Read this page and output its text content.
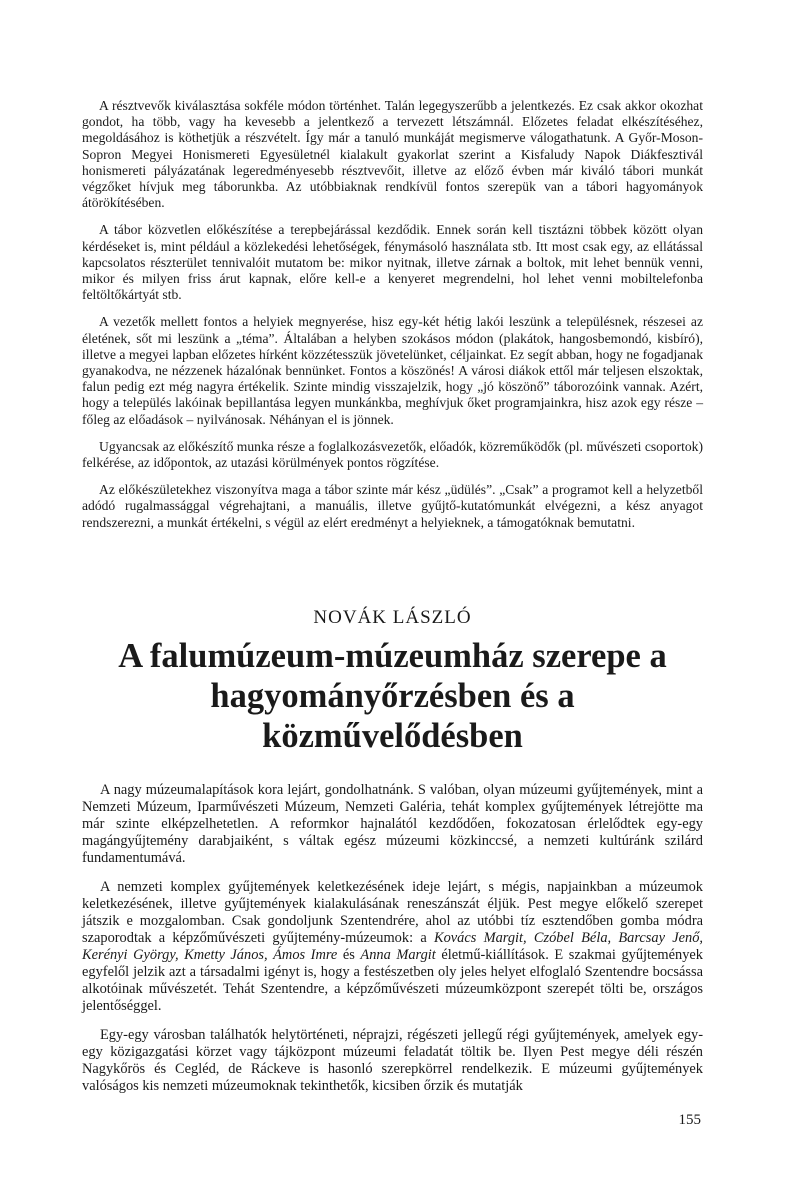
A résztvevők kiválasztása sokféle módon történhet. Talán legegyszerűbb a jelentkezés. Ez csak akkor okozhat gondot, ha több, vagy ha kevesebb a jelentkező a tervezett létszámnál. Előzetes feladat elkészítéséhez, megoldásához is köthetjük a részvételt. Így már a tanuló munkáját megismerve válogathatunk. A Győr-Moson-Sopron Megyei Honismereti Egyesületnél kialakult gyakorlat szerint a Kisfaludy Napok Diákfesztivál honismereti pályázatának legeredményesebb résztvevőit, illetve az előző évben már kiváló tábori munkát végzőket hívjuk meg táborunkba. Az utóbbiaknak rendkívül fontos szerepük van a tábori hagyományok átörökítésében.

A tábor közvetlen előkészítése a terepbejárással kezdődik. Ennek során kell tisztázni többek között olyan kérdéseket is, mint például a közlekedési lehetőségek, fénymásoló használata stb. Itt most csak egy, az ellátással kapcsolatos részterület tennivalóit mutatom be: mikor nyitnak, illetve zárnak a boltok, mit lehet bennük venni, mikor és milyen friss árut kapnak, előre kell-e a kenyeret megrendelni, hol lehet venni mobiltelefonba feltöltőkártyát stb.

A vezetők mellett fontos a helyiek megnyerése, hisz egy-két hétig lakói leszünk a településnek, részesei az életének, sőt mi leszünk a „téma”. Általában a helyben szokásos módon (plakátok, hangosbemondó, kisbíró), illetve a megyei lapban előzetes hírként közzétesszük jövetelünket, céljainkat. Ez segít abban, hogy ne fogadjanak gyanakodva, ne nézzenek házalónak bennünket. Fontos a köszönés! A városi diákok ettől már teljesen elszoktak, falun pedig ezt még nagyra értékelik. Szinte mindig visszajelzik, hogy „jó köszönő” táborozóink vannak. Azért, hogy a település lakóinak bepillantása legyen munkánkba, meghívjuk őket programjainkra, hisz azok egy része – főleg az előadások – nyilvánosak. Néhányan el is jönnek.

Ugyancsak az előkészítő munka része a foglalkozásvezetők, előadók, közreműködők (pl. művészeti csoportok) felkérése, az időpontok, az utazási körülmények pontos rögzítése.

Az előkészületekhez viszonyítva maga a tábor szinte már kész „üdülés”. „Csak” a programot kell a helyzetből adódó rugalmassággal végrehajtani, a manuális, illetve gyűjtő-kutatómunkát elvégezni, a kész anyagot rendszerezni, a munkát értékelni, s végül az elért eredményt a helyieknek, a támogatóknak bemutatni.

NOVÁK LÁSZLÓ
A falumúzeum-múzeumház szerepe a hagyományőrzésben és a közművelődésben

A nagy múzeumalapítások kora lejárt, gondolhatnánk. S valóban, olyan múzeumi gyűjtemények, mint a Nemzeti Múzeum, Iparművészeti Múzeum, Nemzeti Galéria, tehát komplex gyűjtemények létrejötte ma már szinte elképzelhetetlen. A reformkor hajnalától kezdődően, fokozatosan érlelődtek egy-egy magángyűjtemény darabjaiként, s váltak egész múzeumi közkinccsé, a nemzeti kultúránk szilárd fundamentumává.

A nemzeti komplex gyűjtemények keletkezésének ideje lejárt, s mégis, napjainkban a múzeumok keletkezésének, illetve gyűjtemények kialakulásának reneszánszát éljük. Pest megye előkelő szerepet játszik e mozgalomban. Csak gondoljunk Szentendrére, ahol az utóbbi tíz esztendőben gomba módra szaporodtak a képzőművészeti gyűjtemény-múzeumok: a Kovács Margit, Czóbel Béla, Barcsay Jenő, Kerényi György, Kmetty János, Ámos Imre és Anna Margit életmű-kiállítások. E szakmai gyűjtemények egyfelől jelzik azt a társadalmi igényt is, hogy a festészetben oly jeles helyet elfoglaló Szentendre bocsássa alkotóinak művészetét. Tehát Szentendre, a képzőművészeti múzeumközpont szerepét tölti be, országos jelentőséggel.

Egy-egy városban találhatók helytörténeti, néprajzi, régészeti jellegű régi gyűjtemények, amelyek egy-egy közigazgatási körzet vagy tájközpont múzeumi feladatát töltik be. Ilyen Pest megye déli részén Nagykőrös és Cegléd, de Ráckeve is hasonló szerepkörrel rendelkezik. E múzeumi gyűjtemények valóságos kis nemzeti múzeumoknak tekinthetők, kicsiben őrzik és mutatják

155
